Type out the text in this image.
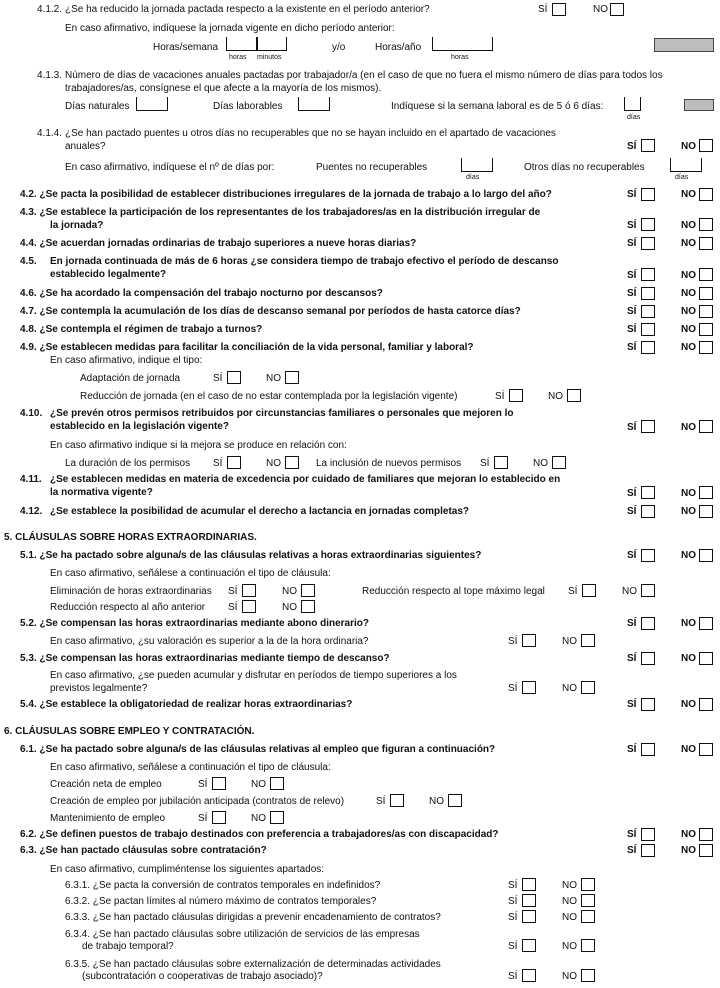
4.1.2. ¿Se ha reducido la jornada pactada respecto a la existente en el período anterior?	SÍ	NO
En caso afirmativo, indíquese la jornada vigente en dicho período anterior:
Horas/semana
horas minutos
y/o	Horas/año
horas
4.1.3. Número de días de vacaciones anuales pactadas por trabajador/a (en el caso de que no fuera el mismo número de días para todos los
trabajadores/as, consígnese el que afecte a la mayoría de los mismos).
Días naturales	Días laborables	Indíquese si la semana laboral es de 5 ó 6 días:
días
4.1.4. ¿Se han pactado puentes u otros días no recuperables que no se hayan incluido en el apartado de vacaciones
anuales?	SÍ	NO
En caso afirmativo, indíquese el nº de días por:	Puentes no recuperables
días
Otros días no recuperables
días
4.2. ¿Se pacta la posibilidad de establecer distribuciones irregulares de la jornada de trabajo a lo largo del año?	SÍ	NO
4.3. ¿Se establece la participación de los representantes de los trabajadores/as en la distribución irregular de
la jornada?	SÍ	NO
4.4. ¿Se acuerdan jornadas ordinarias de trabajo superiores a nueve horas diarias?	SÍ	NO
4.5. En jornada continuada de más de 6 horas ¿se considera tiempo de trabajo efectivo el período de descanso
establecido legalmente?	SÍ	NO
4.6. ¿Se ha acordado la compensación del trabajo nocturno por descansos?	SÍ	NO
4.7. ¿Se contempla la acumulación de los días de descanso semanal por períodos de hasta catorce días?	SÍ	NO
4.8. ¿Se contempla el régimen de trabajo a turnos?	SÍ	NO
4.9. ¿Se establecen medidas para facilitar la conciliación de la vida personal, familiar y laboral?	SÍ	NO
En caso afirmativo, indique el tipo:
Adaptación de jornada	SÍ	NO
Reducción de jornada (en el caso de no estar contemplada por la legislación vigente)	SÍ	NO
4.10. ¿Se prevén otros permisos retribuidos por circunstancias familiares o personales que mejoren lo
establecido en la legislación vigente?	SÍ	NO
En caso afirmativo indique si la mejora se produce en relación con:
La duración de los permisos SÍ	NO	La inclusión de nuevos permisos SÍ	NO
4.11. ¿Se establecen medidas en materia de excedencia por cuidado de familiares que mejoran lo establecido en
la normativa vigente?	SÍ	NO
4.12. ¿Se establece la posibilidad de acumular el derecho a lactancia en jornadas completas?	SÍ	NO
5. CLÁUSULAS SOBRE HORAS EXTRAORDINARIAS.
5.1. ¿Se ha pactado sobre alguna/s de las cláusulas relativas a horas extraordinarias siguientes?	SÍ	NO
En caso afirmativo, señálese a continuación el tipo de cláusula:
Eliminación de horas extraordinarias SÍ	NO	Reducción respecto al tope máximo legal SÍ	NO
Reducción respecto al año anterior SÍ	NO
5.2. ¿Se compensan las horas extraordinarias mediante abono dinerario?	SÍ	NO
En caso afirmativo, ¿su valoración es superior a la de la hora ordinaria?	SÍ	NO
5.3. ¿Se compensan las horas extraordinarias mediante tiempo de descanso?	SÍ	NO
En caso afirmativo, ¿se pueden acumular y disfrutar en períodos de tiempo superiores a los
previstos legalmente?	SÍ	NO
5.4. ¿Se establece la obligatoriedad de realizar horas extraordinarias?	SÍ	NO
6. CLÁUSULAS SOBRE EMPLEO Y CONTRATACIÓN.
6.1. ¿Se ha pactado sobre alguna/s de las cláusulas relativas al empleo que figuran a continuación?	SÍ	NO
En caso afirmativo, señálese a continuación el tipo de cláusula:
Creación neta de empleo	SÍ	NO
Creación de empleo por jubilación anticipada (contratos de relevo)	SÍ	NO
Mantenimiento de empleo	SÍ	NO
6.2. ¿Se definen puestos de trabajo destinados con preferencia a trabajadores/as con discapacidad?	SÍ	NO
6.3. ¿Se han pactado cláusulas sobre contratación?	SÍ	NO
En caso afirmativo, cumpliméntense los siguientes apartados:
6.3.1. ¿Se pacta la conversión de contratos temporales en indefinidos?	SÍ	NO
6.3.2. ¿Se pactan límites al número máximo de contratos temporales?	SÍ	NO
6.3.3. ¿Se han pactado cláusulas dirigidas a prevenir encadenamiento de contratos?	SÍ	NO
6.3.4. ¿Se han pactado cláusulas sobre utilización de servicios de las empresas
de trabajo temporal?	SÍ	NO
6.3.5. ¿Se han pactado cláusulas sobre externalización de determinadas actividades
(subcontratación o cooperativas de trabajo asociado)?	SÍ	NO
